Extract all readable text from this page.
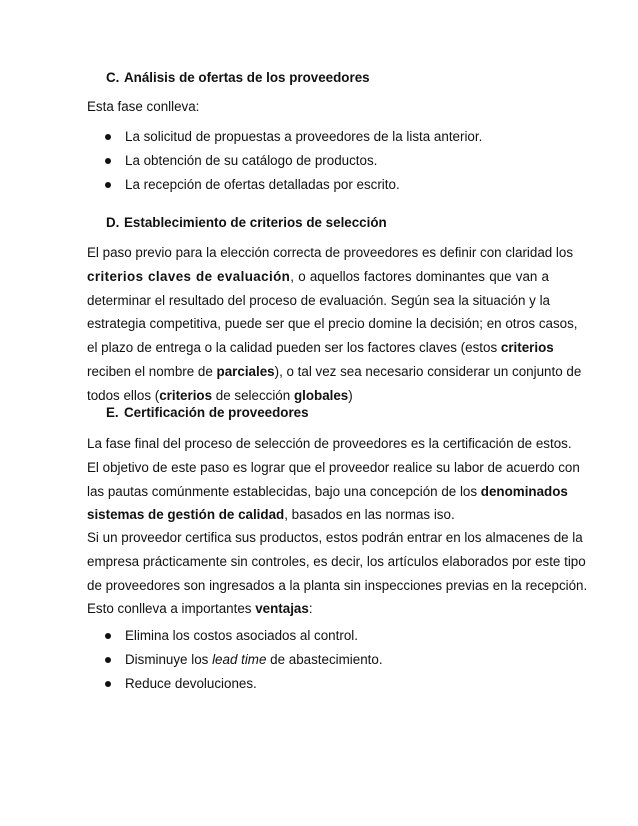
C. Análisis de ofertas de los proveedores
Esta fase conlleva:
La solicitud de propuestas a proveedores de la lista anterior.
La obtención de su catálogo de productos.
La recepción de ofertas detalladas por escrito.
D. Establecimiento de criterios de selección
El paso previo para la elección correcta de proveedores es definir con claridad los
criterios claves de evaluación, o aquellos factores dominantes que van a
determinar el resultado del proceso de evaluación. Según sea la situación y la
estrategia competitiva, puede ser que el precio domine la decisión; en otros casos,
el plazo de entrega o la calidad pueden ser los factores claves (estos criterios
reciben el nombre de parciales), o tal vez sea necesario considerar un conjunto de
todos ellos (criterios de selección globales)
E. Certificación de proveedores
La fase final del proceso de selección de proveedores es la certificación de estos.
El objetivo de este paso es lograr que el proveedor realice su labor de acuerdo con
las pautas comúnmente establecidas, bajo una concepción de los denominados
sistemas de gestión de calidad, basados en las normas iso.
Si un proveedor certifica sus productos, estos podrán entrar en los almacenes de la
empresa prácticamente sin controles, es decir, los artículos elaborados por este tipo
de proveedores son ingresados a la planta sin inspecciones previas en la recepción.
Esto conlleva a importantes ventajas:
Elimina los costos asociados al control.
Disminuye los lead time de abastecimiento.
Reduce devoluciones.
